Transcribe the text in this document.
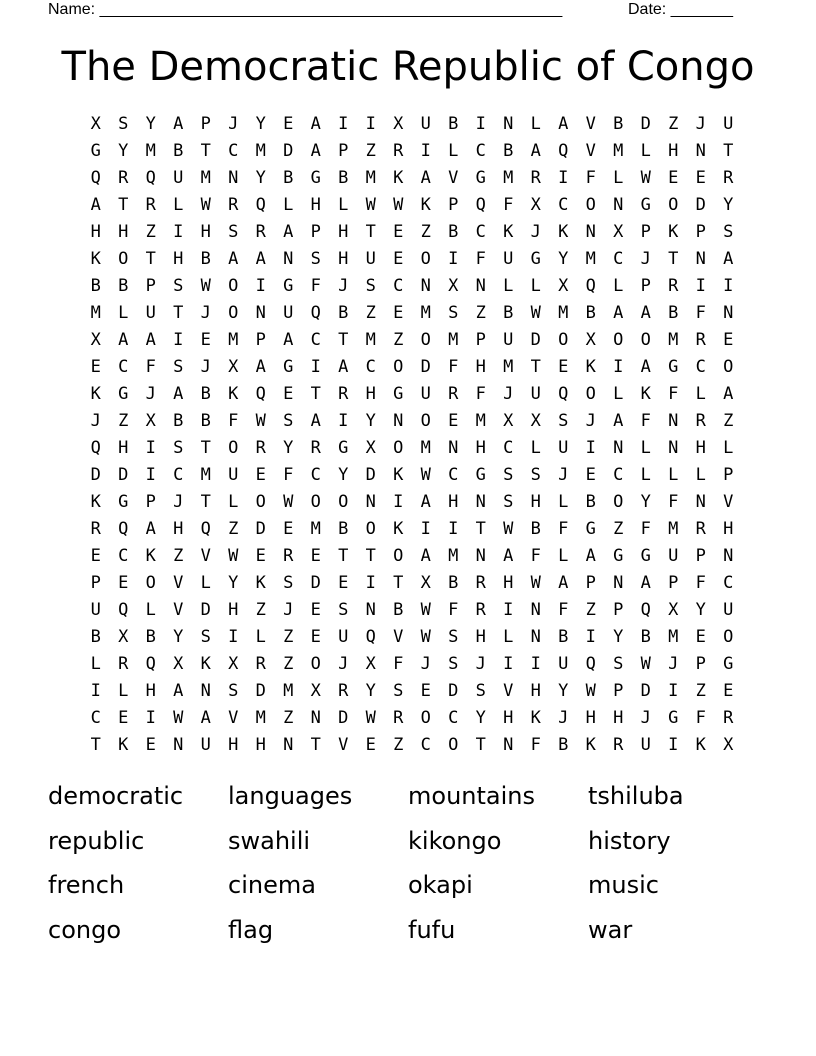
Name: ____________________________________________________	Date: _______
The Democratic Republic of Congo
X	S	Y	A	P	J	Y	E	A	I	I	X	U	B	I	N	L	A	V	B	D	Z	J	U
G	Y	M	B	T	C	M	D	A	P	Z	R	I	L	C	B	A	Q	V	M	L	H	N	T
Q	R	Q	U	M	N	Y	B	G	B	M	K	A	V	G	M	R	I	F	L	W	E	E	R
A	T	R	L	W	R	Q	L	H	L	W	W	K	P	Q	F	X	C	O	N	G	O	D	Y
H	H	Z	I	H	S	R	A	P	H	T	E	Z	B	C	K	J	K	N	X	P	K	P	S
K	O	T	H	B	A	A	N	S	H	U	E	O	I	F	U	G	Y	M	C	J	T	N	A
B	B	P	S	W	O	I	G	F	J	S	C	N	X	N	L	L	X	Q	L	P	R	I	I
M	L	U	T	J	O	N	U	Q	B	Z	E	M	S	Z	B	W	M	B	A	A	B	F	N
X	A	A	I	E	M	P	A	C	T	M	Z	O	M	P	U	D	O	X	O	O	M	R	E
E	C	F	S	J	X	A	G	I	A	C	O	D	F	H	M	T	E	K	I	A	G	C	O
K	G	J	A	B	K	Q	E	T	R	H	G	U	R	F	J	U	Q	O	L	K	F	L	A
J	Z	X	B	B	F	W	S	A	I	Y	N	O	E	M	X	X	S	J	A	F	N	R	Z
Q	H	I	S	T	O	R	Y	R	G	X	O	M	N	H	C	L	U	I	N	L	N	H	L
D	D	I	C	M	U	E	F	C	Y	D	K	W	C	G	S	S	J	E	C	L	L	L	P
K	G	P	J	T	L	O	W	O	O	N	I	A	H	N	S	H	L	B	O	Y	F	N	V
R	Q	A	H	Q	Z	D	E	M	B	O	K	I	I	T	W	B	F	G	Z	F	M	R	H
E	C	K	Z	V	W	E	R	E	T	T	O	A	M	N	A	F	L	A	G	G	U	P	N
P	E	O	V	L	Y	K	S	D	E	I	T	X	B	R	H	W	A	P	N	A	P	F	C
U	Q	L	V	D	H	Z	J	E	S	N	B	W	F	R	I	N	F	Z	P	Q	X	Y	U
B	X	B	Y	S	I	L	Z	E	U	Q	V	W	S	H	L	N	B	I	Y	B	M	E	O
L	R	Q	X	K	X	R	Z	O	J	X	F	J	S	J	I	I	U	Q	S	W	J	P	G
I	L	H	A	N	S	D	M	X	R	Y	S	E	D	S	V	H	Y	W	P	D	I	Z	E
C	E	I	W	A	V	M	Z	N	D	W	R	O	C	Y	H	K	J	H	H	J	G	F	R
T	K	E	N	U	H	H	N	T	V	E	Z	C	O	T	N	F	B	K	R	U	I	K	X
democratic	languages	mountains	tshiluba
republic	swahili	kikongo	history
french	cinema	okapi	music
congo	flag	fufu	war
